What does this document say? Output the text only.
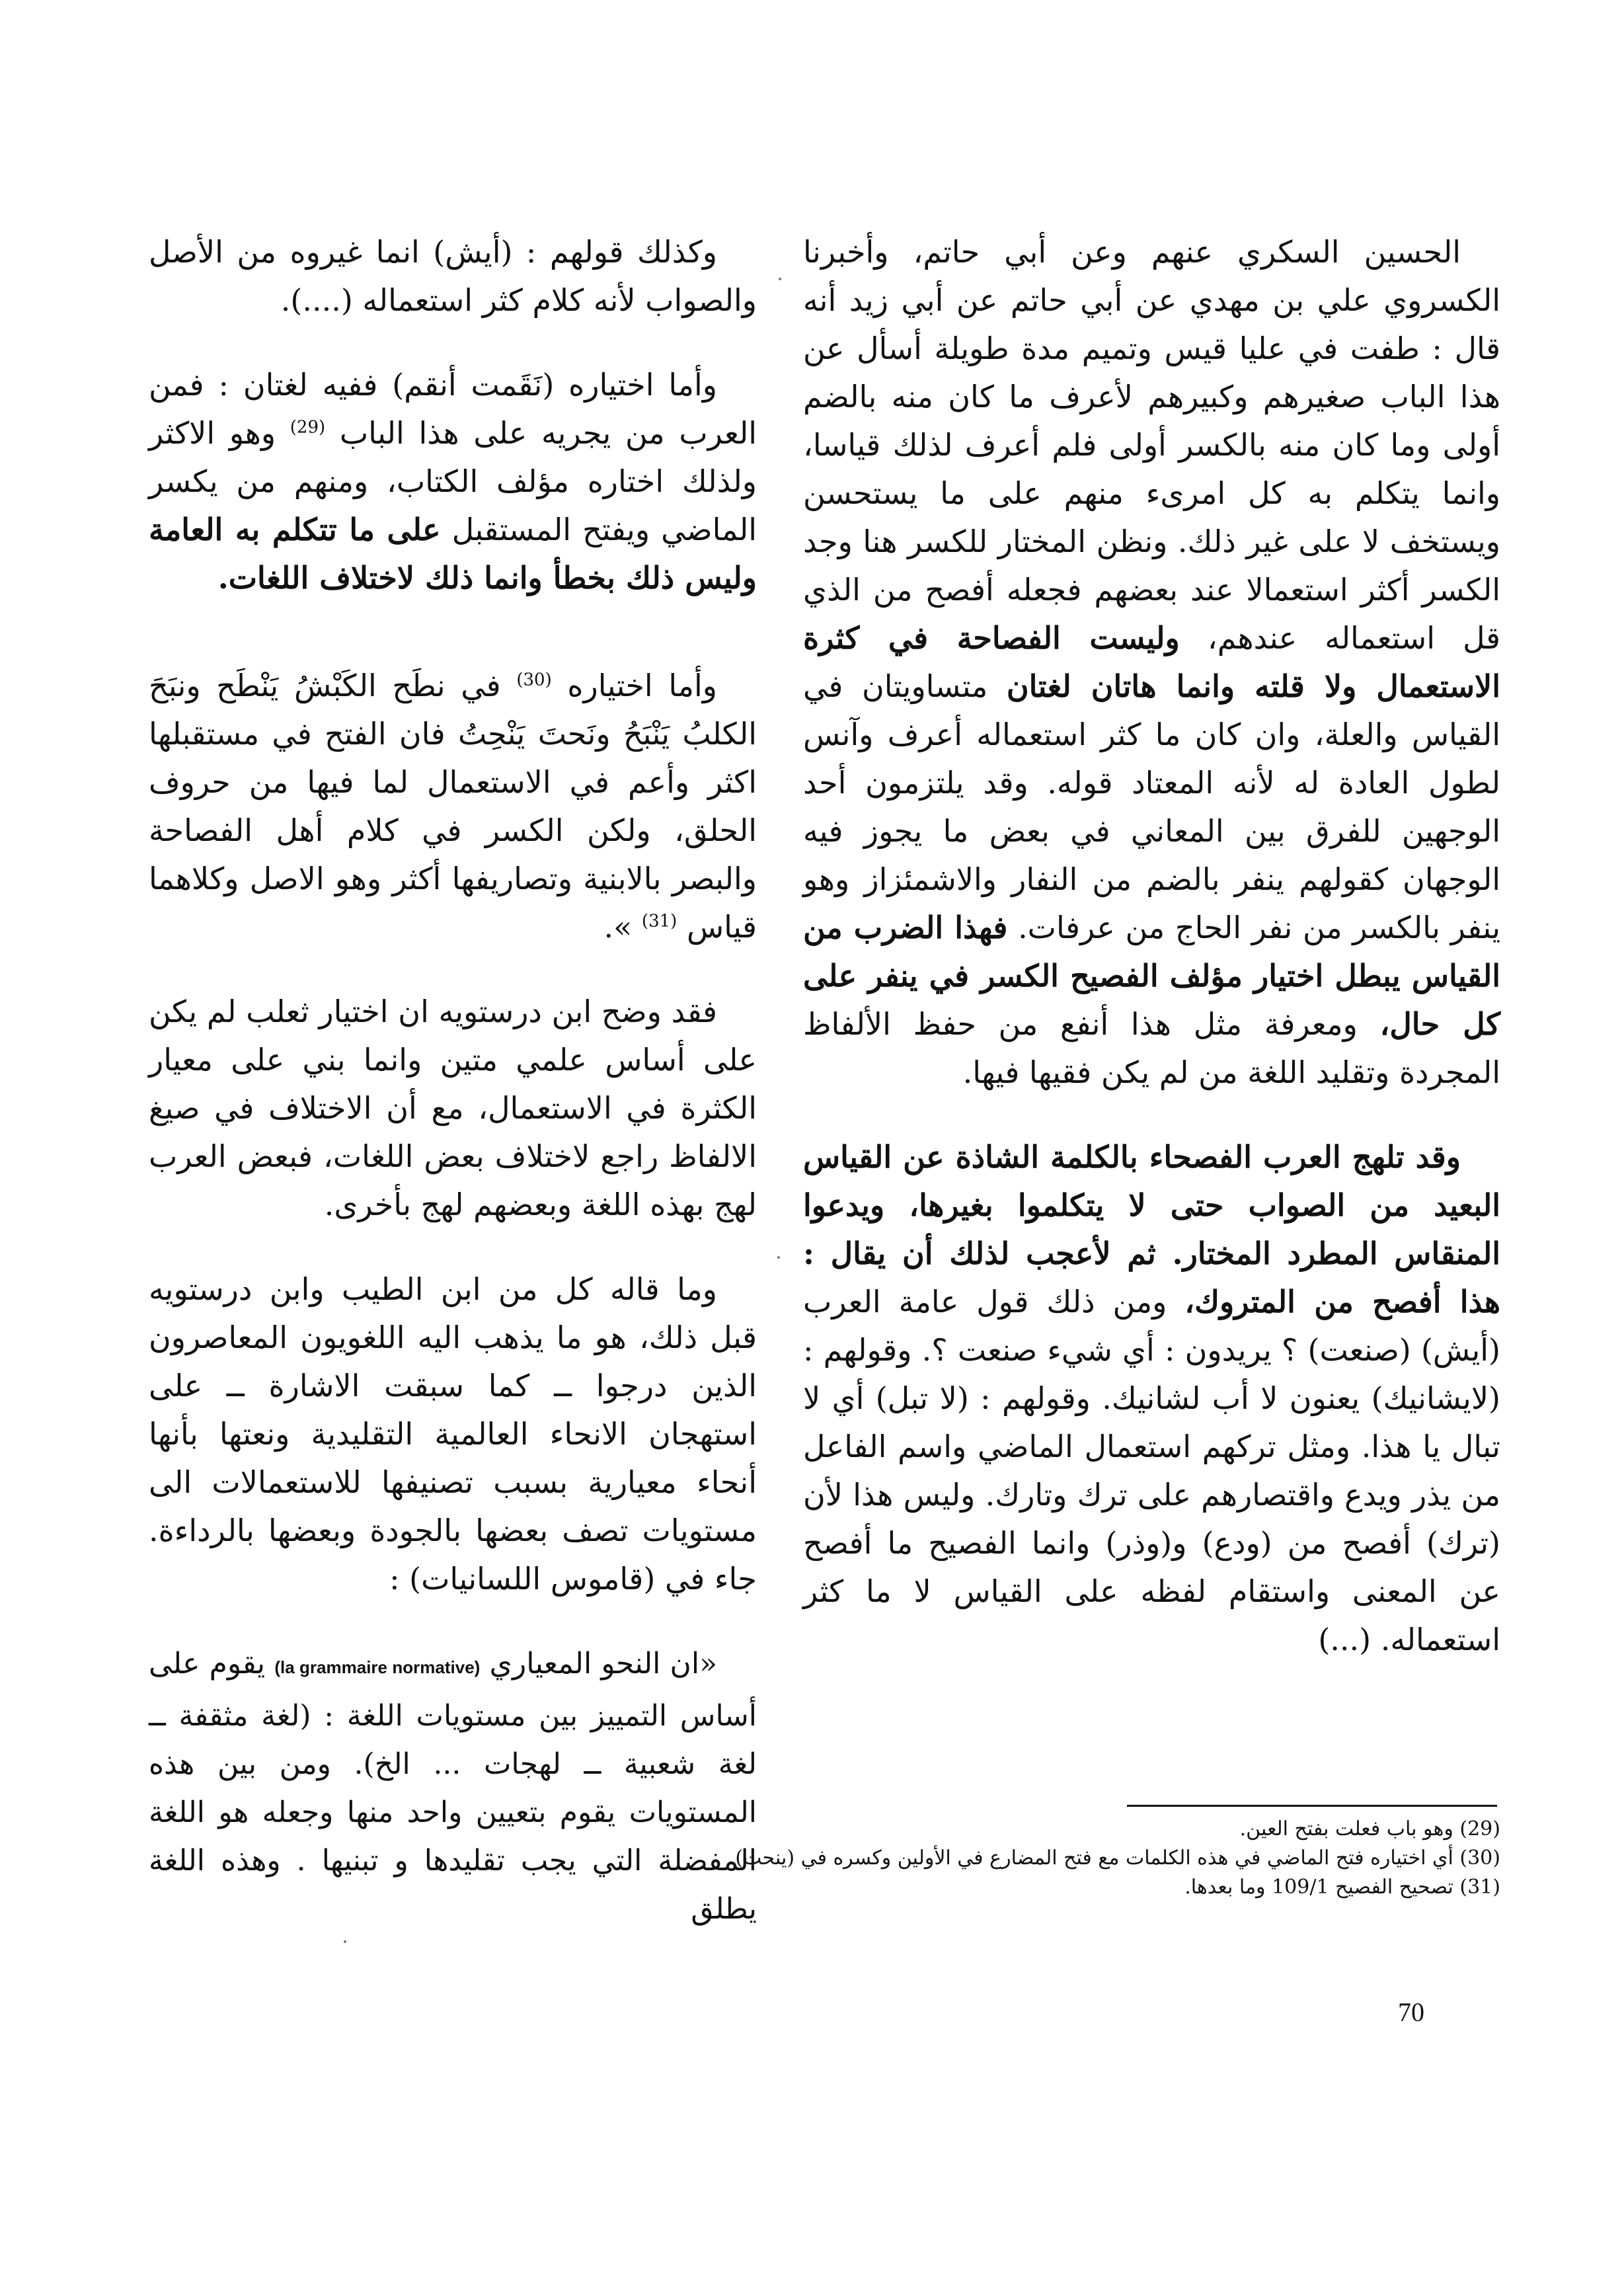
الحسين السكري عنهم وعن أبي حاتم، وأخبرنا الكسروي علي بن مهدي عن أبي حاتم عن أبي زيد أنه قال : طفت في عليا قيس وتميم مدة طويلة أسأل عن هذا الباب صغيرهم وكبيرهم لأعرف ما كان منه بالضم أولى وما كان منه بالكسر أولى فلم أعرف لذلك قياسا، وانما يتكلم به كل امرىء منهم على ما يستحسن ويستخف لا على غير ذلك. ونظن المختار للكسر هنا وجد الكسر أكثر استعمالا عند بعضهم فجعله أفصح من الذي قل استعماله عندهم، وليست الفصاحة في كثرة الاستعمال ولا قلته وانما هاتان لغتان متساويتان في القياس والعلة، وان كان ما كثر استعماله أعرف وآنس لطول العادة له لأنه المعتاد قوله. وقد يلتزمون أحد الوجهين للفرق بين المعاني في بعض ما يجوز فيه الوجهان كقولهم ينفر بالضم من النفار والاشمئزاز وهو ينفر بالكسر من نفر الحاج من عرفات. فهذا الضرب من القياس يبطل اختيار مؤلف الفصيح الكسر في ينفر على كل حال، ومعرفة مثل هذا أنفع من حفظ الألفاظ المجردة وتقليد اللغة من لم يكن فقيها فيها.

وقد تلهج العرب الفصحاء بالكلمة الشاذة عن القياس البعيد من الصواب حتى لا يتكلموا بغيرها، ويدعوا المنقاس المطرد المختار. ثم لأعجب لذلك أن يقال : هذا أفصح من المتروك، ومن ذلك قول عامة العرب (أيش) (صنعت) ؟ يريدون : أي شيء صنعت ؟. وقولهم : (لايشانيك) يعنون لا أب لشانيك. وقولهم : (لا تبل) أي لا تبال يا هذا. ومثل تركهم استعمال الماضي واسم الفاعل من يذر ويدع واقتصارهم على ترك وتارك. وليس هذا لأن (ترك) أفصح من (ودع) و(وذر) وانما الفصيح ما أفصح عن المعنى واستقام لفظه على القياس لا ما كثر استعماله. (...)

وكذلك قولهم : (أيش) انما غيروه من الأصل والصواب لأنه كلام كثر استعماله (....).

وأما اختياره (نَقَمت أنقم) ففيه لغتان : فمن العرب من يجريه على هذا الباب $^{(29)}$ وهو الاكثر ولذلك اختاره مؤلف الكتاب، ومنهم من يكسر الماضي ويفتح المستقبل على ما تتكلم به العامة وليس ذلك بخطأ وانما ذلك لاختلاف اللغات.

وأما اختياره $^{(30)}$ في نطَح الكَبْشُ يَنْطَح ونبَحَ الكلبُ يَنْبَحُ ونَحتَ يَنْحِتُ فان الفتح في مستقبلها اكثر وأعم في الاستعمال لما فيها من حروف الحلق، ولكن الكسر في كلام أهل الفصاحة والبصر بالابنية وتصاريفها أكثر وهو الاصل وكلاهما قياس $^{(31)}$ ».

فقد وضح ابن درستويه ان اختيار ثعلب لم يكن على أساس علمي متين وانما بني على معيار الكثرة في الاستعمال، مع أن الاختلاف في صيغ الالفاظ راجع لاختلاف بعض اللغات، فبعض العرب لهج بهذه اللغة وبعضهم لهج بأخرى.

وما قاله كل من ابن الطيب وابن درستويه قبل ذلك، هو ما يذهب اليه اللغويون المعاصرون الذين درجوا ــ كما سبقت الاشارة ــ على استهجان الانحاء العالمية التقليدية ونعتها بأنها أنحاء معيارية بسبب تصنيفها للاستعمالات الى مستويات تصف بعضها بالجودة وبعضها بالرداءة. جاء في (قاموس اللسانيات) :

«ان النحو المعياري (la grammaire normative) يقوم على أساس التمييز بين مستويات اللغة : (لغة مثقفة ــ لغة شعبية ــ لهجات ... الخ). ومن بين هذه المستويات يقوم بتعيين واحد منها وجعله هو اللغة المفضلة التي يجب تقليدها و تبنيها . وهذه اللغة يطلق

(29) وهو باب فعلت بفتح العين.
(30) أي اختياره فتح الماضي في هذه الكلمات مع فتح المضارع في الأولين وكسره في (ينحت).
(31) تصحيح الفصيح 109/1 وما بعدها.
70
